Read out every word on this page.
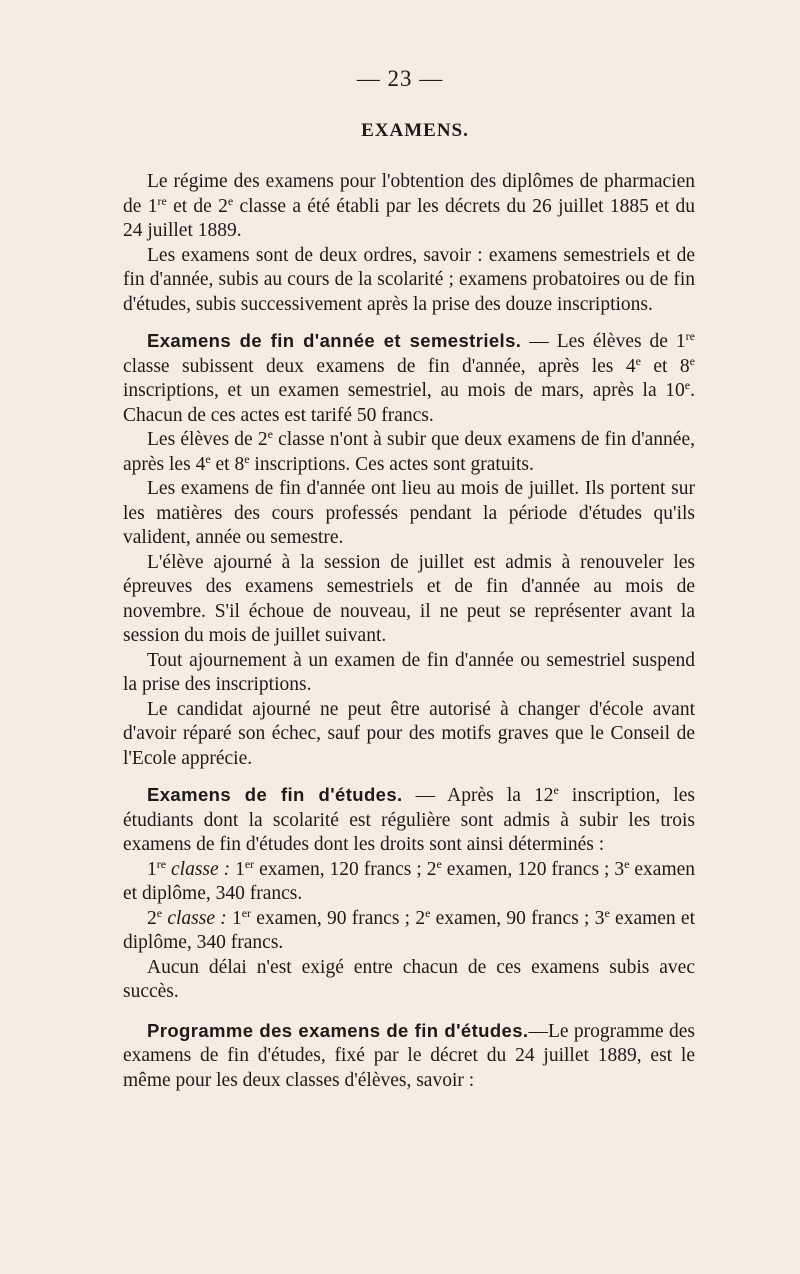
— 23 —
EXAMENS.

Le régime des examens pour l'obtention des diplômes de pharmacien de 1re et de 2e classe a été établi par les décrets du 26 juillet 1885 et du 24 juillet 1889.

Les examens sont de deux ordres, savoir : examens semestriels et de fin d'année, subis au cours de la scolarité ; examens probatoires ou de fin d'études, subis successivement après la prise des douze inscriptions.

Examens de fin d'année et semestriels. — Les élèves de 1re classe subissent deux examens de fin d'année, après les 4e et 8e inscriptions, et un examen semestriel, au mois de mars, après la 10e. Chacun de ces actes est tarifé 50 francs.

Les élèves de 2e classe n'ont à subir que deux examens de fin d'année, après les 4e et 8e inscriptions. Ces actes sont gratuits.

Les examens de fin d'année ont lieu au mois de juillet. Ils portent sur les matières des cours professés pendant la période d'études qu'ils valident, année ou semestre.

L'élève ajourné à la session de juillet est admis à renouveler les épreuves des examens semestriels et de fin d'année au mois de novembre. S'il échoue de nouveau, il ne peut se représenter avant la session du mois de juillet suivant.

Tout ajournement à un examen de fin d'année ou semestriel suspend la prise des inscriptions.

Le candidat ajourné ne peut être autorisé à changer d'école avant d'avoir réparé son échec, sauf pour des motifs graves que le Conseil de l'Ecole apprécie.

Examens de fin d'études. — Après la 12e inscription, les étudiants dont la scolarité est régulière sont admis à subir les trois examens de fin d'études dont les droits sont ainsi déterminés :

1re classe : 1er examen, 120 francs ; 2e examen, 120 francs ; 3e examen et diplôme, 340 francs.

2e classe : 1er examen, 90 francs ; 2e examen, 90 francs ; 3e examen et diplôme, 340 francs.

Aucun délai n'est exigé entre chacun de ces examens subis avec succès.

Programme des examens de fin d'études.—Le programme des examens de fin d'études, fixé par le décret du 24 juillet 1889, est le même pour les deux classes d'élèves, savoir :
